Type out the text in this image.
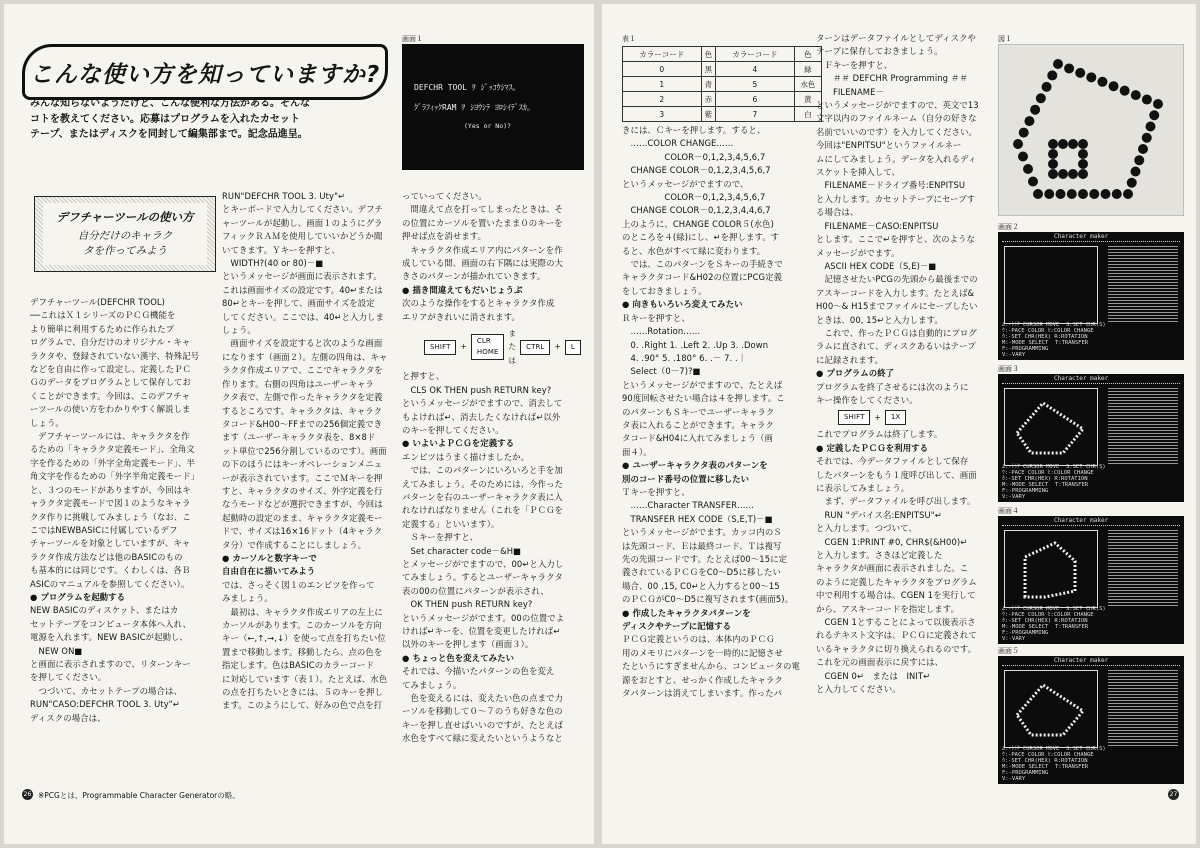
こんな使い方を知っていますか?
みんな知らないようだけど、こんな便利な方法がある。そんな
コトを教えてください。応募はプログラムを入れたカセット
テープ、またはディスクを同封して編集部まで。記念品進呈。
画面１
DEFCHR TOOL ｦ ｼﾞｯｺｳｼﾏｽ｡
ｸﾞﾗﾌｨｯｸRAM ｦ ｼﾖｳｼﾃ ﾖﾛｼｲﾃﾞｽｶ｡
(Yes or No)?
デフチャーツールの使い方
自分だけのキャラク
タを作ってみよう

デフチャーツール(DEFCHR TOOL)
──これはＸ１シリーズのＰＣＧ機能を
より簡単に利用するために作られたプ
ログラムで、自分だけのオリジナル・キャ
ラクタや、登録されていない漢字、特殊記号
などを自由に作って設定し、定義したＰＣ
Ｇのデータをプログラムとして保存してお
くことができます。今回は、このデフチャ
ーツールの使い方をわかりやすく解説しま
しょう。

デフチャーツールには、キャラクタを作
るための「キャラクタ定義モード」、全角文
字を作るための「外字全角定義モード」、半
角文字を作るための「外字半角定義モード」
と、３つのモードがありますが、今回はキ
ャラクタ定義モードで図１のようなキャラ
クタ作りに挑戦してみましょう（なお、こ
こではNEWBASICに付属しているデフ
チャーツールを対象としていますが、キャ
ラクタ作成方法などは他のBASICのもの
も基本的には同じです。くわしくは、各Ｂ
ASICのマニュアルを参照してください）。

● プログラムを起動する

NEW BASICのディスケット、またはカ
セットテープをコンピュータ本体へ入れ、
電源を入れます。NEW BASICが起動し、
　NEW ON■
と画面に表示されますので、リターンキー
を押してください。
　つづいて、カセットテープの場合は、
RUN"CASO:DEFCHR TOOL 3. Uty"↵
ディスクの場合は、

RUN"DEFCHR TOOL 3. Uty"↵
とキーボードで入力してください。デフチ
ャーツールが起動し、画面１のようにグラ
フィックＲＡＭを使用していいかどうか聞
いてきます。Ｙキーを押すと、
　WIDTH?(40 or 80)－■
というメッセージが画面に表示されます。
これは画面サイズの設定です。40↵または
80↵とキーを押して、画面サイズを設定
してください。ここでは、40↵と入力しま
しょう。
　画面サイズを設定すると次のような画面
になります（画面２）。左側の四角は、キャ
ラクタ作成エリアで、ここでキャラクタを
作ります。右側の四角はユーザーキャラ
クタ表で、左側で作ったキャラクタを定義
するところです。キャラクタは、キャラク
タコード&H00〜FFまでの256個定義でき
ます（ユーザーキャラクタ表を、8×8ド
ット単位で256分割しているのです）。画面
の下のほうにはキーオペレーションメニュ
ーが表示されています。ここでＭキーを押
すと、キャラクタのサイズ、外字定義を行
なうモードなどが選択できますが、今回は
起動時の設定のまま、キャラクタ定義モー
ドで、サイズは16×16ドット（4キャラク
タ分）で作成することにしましょう。

● カーソルと数字キーで
自由自在に描いてみよう

では、さっそく図１のエンピツを作って
みましょう。
　最初は、キャラクタ作成エリアの左上に
カーソルがあります。このカーソルを方向
キー（←,↑,→,↓）を使って点を打ちたい位
置まで移動します。移動したら、点の色を
指定します。色はBASICのカラーコード
に対応しています（表１）。たとえば、水色
の点を打ちたいときには、５のキーを押し
ます。このようにして、好みの色で点を打

っていってください。
　間違えて点を打ってしまったときは、そ
の位置にカーソルを置いたまま０のキーを
押せば点を消せます。
　キャラクタ作成エリア内にパターンを作
成している間、画面の右下隅には実際の大
きさのパターンが描かれていきます。

● 描き間違えてもだいじょうぶ

次のような操作をするとキャラクタ作成
エリアがきれいに消されます。

SHIFT	+
CLR HOME
または
CTRL	+	L

と押すと、
　CLS OK THEN push RETURN key?
というメッセージがでますので、消去して
もよければ↵、消去したくなければ↵以外
のキーを押してください。

● いよいよＰＣＧを定義する

エンピツはうまく描けましたか。
　では、このパターンにいろいろと手を加
えてみましょう。そのためには、今作った
パターンを右のユーザーキャラクタ表に入
れなければなりません（これを「ＰＣＧを
定義する」といいます）。
　Ｓキーを押すと、
　Set character code－&H■
とメッセージがでますので、00↵と入力し
てみましょう。するとユーザーキャラクタ
表の00の位置にパターンが表示され、
　OK THEN push RETURN key?
というメッセージがでます。00の位置でよ
ければ↵キーを、位置を変更したければ↵
以外のキーを押します（画面３）。

● ちょっと色を変えてみたい

それでは、今描いたパターンの色を変え
てみましょう。
　色を変えるには、変えたい色の点まで力
ーソルを移動して０〜７のうち好きな色の
キーを押し直せばいいのですが、たとえば
水色をすべて緑に変えたいというようなと

26 ※PCGとは、Programmable Character Generatorの略。
表１
カラーコード	色	カラーコード	色
0	黒	4	緑
1	青	5	水色
2	赤	6	黄
3	紫	7	白

きには、Ｃキーを押します。すると、
　……COLOR CHANGE……
　　　　　COLOR－0,1,2,3,4,5,6,7
　CHANGE COLOR－0,1,2,3,4,5,6,7
というメッセージがでますので、
　　　　　COLOR－0,1,2,3,4,5,6,7
　CHANGE COLOR－0,1,2,3,4,4,6,7
上のように、CHANGE COLOR５(水色)
のところを４(緑)にし、↵を押します。す
ると、水色がすべて緑に変わります。
　では、このパターンをＳキーの手続きで
キャラクタコード&H02の位置にPCG定義
をしておきましょう。

● 向きもいろいろ変えてみたい

Ｒキーを押すと、
　……Rotation……
　0. .Right 1. .Left 2. .Up 3. .Down
　4. .90° 5. .180° 6. .－ 7. .｜
　Select（0－7)?■
というメッセージがでますので、たとえば
90度回転させたい場合は４を押します。こ
のパターンもＳキーでユーザーキャラク
タ表に入れることができます。キャラク
タコード&H04に入れてみましょう（画
面４）。

● ユーザーキャラクタ表のパターンを
別のコード番号の位置に移したい

Ｔキーを押すと、
　……Character TRANSFER……
　TRANSFER HEX CODE（S,E,T)－■
というメッセージがでます。カッコ内のＳ
は先頭コード、Ｅは最終コード、Ｔは複写
先の先頭コードです。たとえば00〜15に定
義されているＰＣＧをC0〜D5に移したい
場合、00 ,15, C0↵と入力すると00〜15
のＰＣＧがC0〜D5に複写されます(画面5)。

● 作成したキャラクタパターンを
ディスクやテープに記憶する

ＰＣＧ定義というのは、本体内のＰＣＧ
用のメモリにパターンを一時的に記憶させ
たというにすぎませんから、コンピュータの電
源をおとすと、せっかく作成したキャラク
タパターンは消えてしまいます。作ったパ

ターンはデータファイルとしてディスクや
テープに保存しておきましょう。
　Ｆキーを押すと、
　　＃＃ DEFCHR Programming ＃＃
　　FILENAME－
というメッセージがでますので、英文で13
文字以内のファイルネーム（自分の好きな
名前でいいのです）を入力してください。
今回は"ENPITSU"というファイルネー
ムにしてみましょう。データを入れるディ
スケットを挿入して、
　FILENAME－ドライブ番号:ENPITSU
と入力します。カセットテープにセーブす
る場合は、
　FILENAME－CASO:ENPITSU
とします。ここで↵を押すと、次のような
メッセージがでます。
　ASCII HEX CODE（S,E)－■
　記憶させたいPCGの先頭から最後までの
アスキーコードを入力します。たとえば&
H00〜& H15までファイルにセーブしたい
ときは、00, 15↵と入力します。
　これで、作ったＰＣＧは自動的にプログ
ラムに直されて、ディスクあるいはテープ
に記録されます。

● プログラムの終了

プログラムを終了させるには次のように
キー操作をしてください。

SHIFT	+	1X

これでプログラムは終了します。

● 定義したＰＣＧを利用する

それでは、今データファイルとして保存
したパターンをもう１度呼び出して、画面
に表示してみましょう。
　まず、データファイルを呼び出します。
　RUN "デバイス名:ENPITSU"↵
と入力します。つづいて、
　CGEN 1:PRINT #0, CHR$(&H00)↵
と入力します。さきほど定義した
キャラクタが画面に表示されました。こ
のように定義したキャラクタをプログラム
中で利用する場合は、CGEN 1を実行して
から、アスキーコードを指定します。
　CGEN 1とすることによって以後表示さ
れるテキスト文字は、ＰＣＧに定義されて
いるキャラクタに切り換えられるのです。
これを元の画面表示に戻すには、
　CGEN 0↵　または　INIT↵
と入力してください。

図１
画面２
Character maker
ﾑ:-ﾄﾗｸ CURSOR MOVE  S:SET CHR(S)
ｳ:-PACE COLOR ﾋ:COLOR CHANGE
ｶ:-SET CHR(HEX) R:ROTATION
M:-MODE SELECT  T:TRANSFER
F:-PROGRAMMING
V:-VARY
画面３
Character maker
ﾑ:-ﾄﾗｸ CURSOR MOVE  S:SET CHR(S)
ｳ:-PACE COLOR ﾋ:COLOR CHANGE
ｶ:-SET CHR(HEX) R:ROTATION
M:-MODE SELECT  T:TRANSFER
F:-PROGRAMMING
V:-VARY
画面４
Character maker
ﾑ:-ﾄﾗｸ CURSOR MOVE  S:SET CHR(S)
ｳ:-PACE COLOR ﾋ:COLOR CHANGE
ｶ:-SET CHR(HEX) R:ROTATION
M:-MODE SELECT  T:TRANSFER
F:-PROGRAMMING
V:-VARY
画面５
Character maker
ﾑ:-ﾄﾗｸ CURSOR MOVE  S:SET CHR(S)
ｳ:-PACE COLOR ﾋ:COLOR CHANGE
ｶ:-SET CHR(HEX) R:ROTATION
M:-MODE SELECT  T:TRANSFER
F:-PROGRAMMING
V:-VARY
27
